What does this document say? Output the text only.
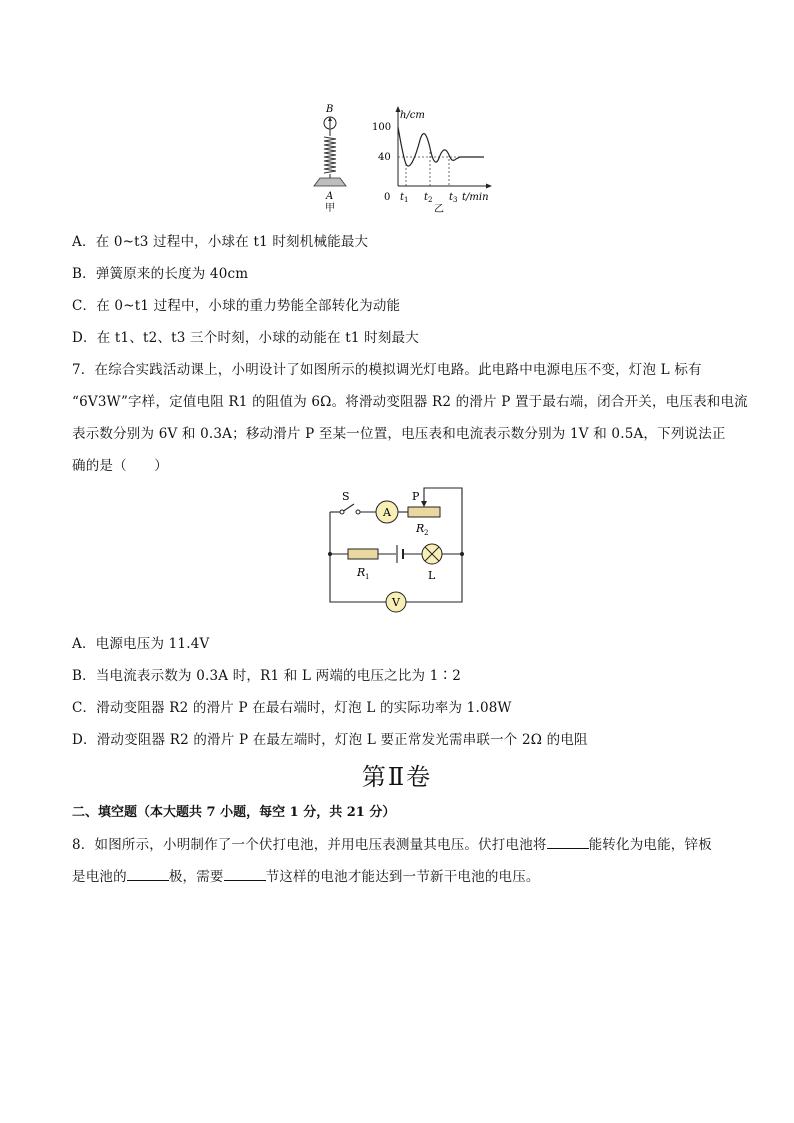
B
A
甲
h/cm
100
40
0 t 1 t 2 t 3 t/min
乙
A．在 0~t3 过程中，小球在 t1 时刻机械能最大
B．弹簧原来的长度为 40cm
C．在 0~t1 过程中，小球的重力势能全部转化为动能
D．在 t1、t2、t3 三个时刻，小球的动能在 t1 时刻最大
7．在综合实践活动课上，小明设计了如图所示的模拟调光灯电路。此电路中电源电压不变，灯泡 L 标有
“6V3W”字样，定值电阻 R1 的阻值为 6Ω。将滑动变阻器 R2 的滑片 P 置于最右端，闭合开关，电压表和电流
表示数分别为 6V 和 0.3A；移动滑片 P 至某一位置，电压表和电流表示数分别为 1V 和 0.5A，下列说法正
确的是（　　）
S
A
P
R 2
R 1	L
V
A．电源电压为 11.4V
B．当电流表示数为 0.3A 时，R1 和 L 两端的电压之比为 1∶2
C．滑动变阻器 R2 的滑片 P 在最右端时，灯泡 L 的实际功率为 1.08W
D．滑动变阻器 R2 的滑片 P 在最左端时，灯泡 L 要正常发光需串联一个 2Ω 的电阻
第Ⅱ卷
二、填空题（本大题共 7 小题，每空 1 分，共 21 分）
8．如图所示，小明制作了一个伏打电池，并用电压表测量其电压。伏打电池将	能转化为电能，锌板
是电池的	极，需要	节这样的电池才能达到一节新干电池的电压。
